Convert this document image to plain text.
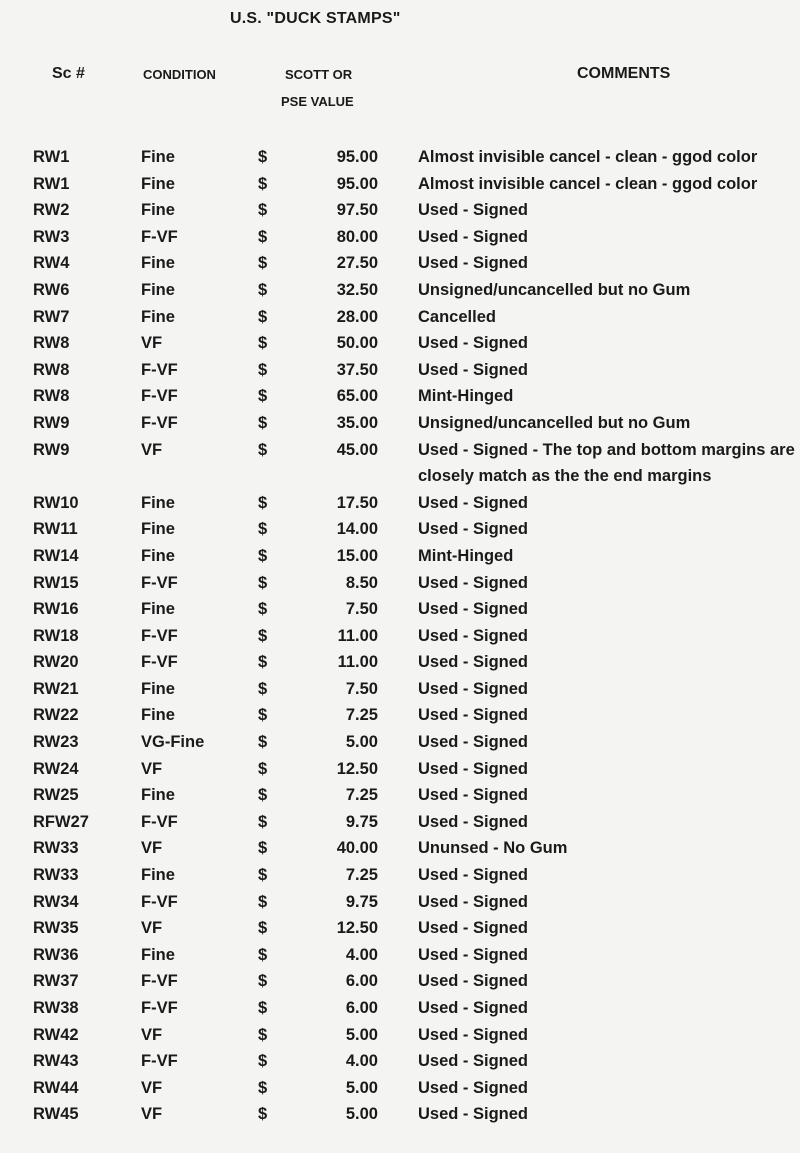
U.S. "DUCK STAMPS"
Sc #	CONDITION	SCOTT OR
PSE VALUE
COMMENTS
RW1	Fine	$	95.00 Almost invisible cancel - clean - ggod color
RW1	Fine	$	95.00 Almost invisible cancel - clean - ggod color
RW2	Fine	$	97.50 Used - Signed
RW3	F-VF	$	80.00 Used - Signed
RW4	Fine	$	27.50 Used - Signed
RW6	Fine	$	32.50 Unsigned/uncancelled but no Gum
RW7	Fine	$	28.00 Cancelled
RW8	VF	$	50.00 Used - Signed
RW8	F-VF	$	37.50 Used - Signed
RW8	F-VF	$	65.00 Mint-Hinged
RW9	F-VF	$	35.00 Unsigned/uncancelled but no Gum
RW9	VF	$	45.00 Used - Signed - The top and bottom margins are closely match as the the end margins
RW10	Fine	$	17.50 Used - Signed
RW11	Fine	$	14.00 Used - Signed
RW14	Fine	$	15.00 Mint-Hinged
RW15	F-VF	$	8.50 Used - Signed
RW16	Fine	$	7.50 Used - Signed
RW18	F-VF	$	11.00 Used - Signed
RW20	F-VF	$	11.00 Used - Signed
RW21	Fine	$	7.50 Used - Signed
RW22	Fine	$	7.25 Used - Signed
RW23	VG-Fine	$	5.00 Used - Signed
RW24	VF	$	12.50 Used - Signed
RW25	Fine	$	7.25 Used - Signed
RFW27	F-VF	$	9.75 Used - Signed
RW33	VF	$	40.00 Ununsed - No Gum
RW33	Fine	$	7.25 Used - Signed
RW34	F-VF	$	9.75 Used - Signed
RW35	VF	$	12.50 Used - Signed
RW36	Fine	$	4.00 Used - Signed
RW37	F-VF	$	6.00 Used - Signed
RW38	F-VF	$	6.00 Used - Signed
RW42	VF	$	5.00 Used - Signed
RW43	F-VF	$	4.00 Used - Signed
RW44	VF	$	5.00 Used - Signed
RW45	VF	$	5.00 Used - Signed
